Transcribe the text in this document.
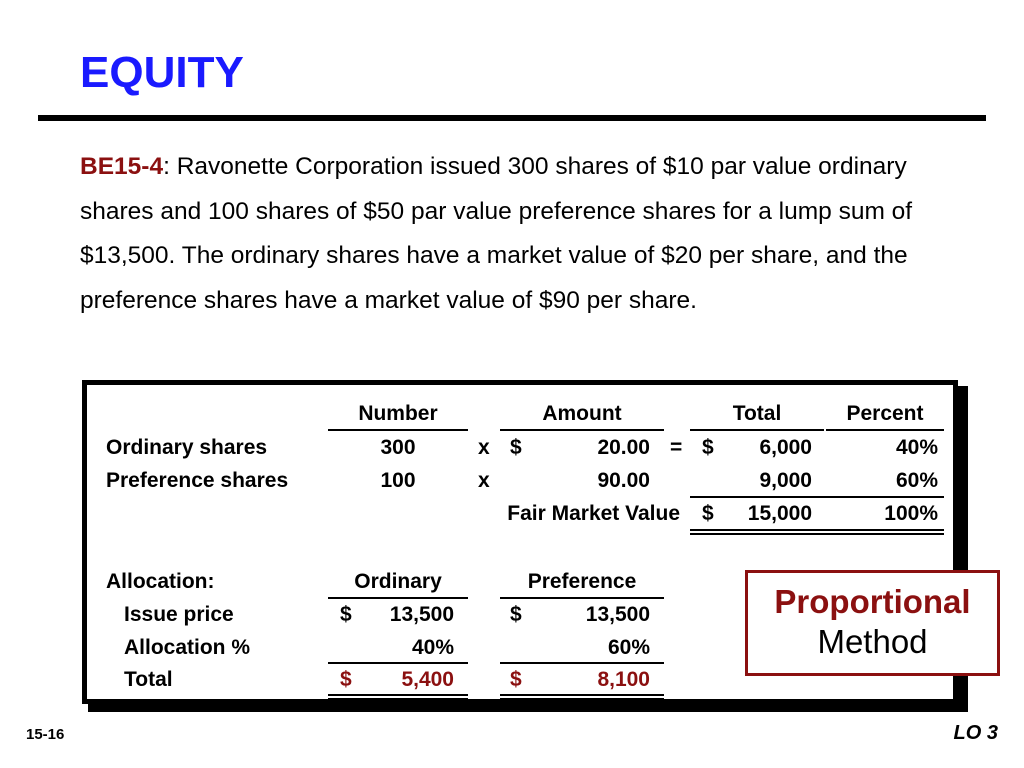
EQUITY
BE15-4: Ravonette Corporation issued 300 shares of $10 par value ordinary shares and 100 shares of $50 par value preference shares for a lump sum of $13,500. The ordinary shares have a market value of $20 per share, and the preference shares have a market value of $90 per share.
Number	Amount	Total	Percent
Ordinary shares	300	x $	20.00 = $	6,000	40%
Preference shares	100	x	90.00	9,000	60%
Fair Market Value $	15,000	100%
Allocation:	Ordinary	Preference
Issue price	$	13,500	$	13,500
Allocation %	40%	60%
Total	$	5,400	$	8,100
Proportional
Method
15-16	LO 3
